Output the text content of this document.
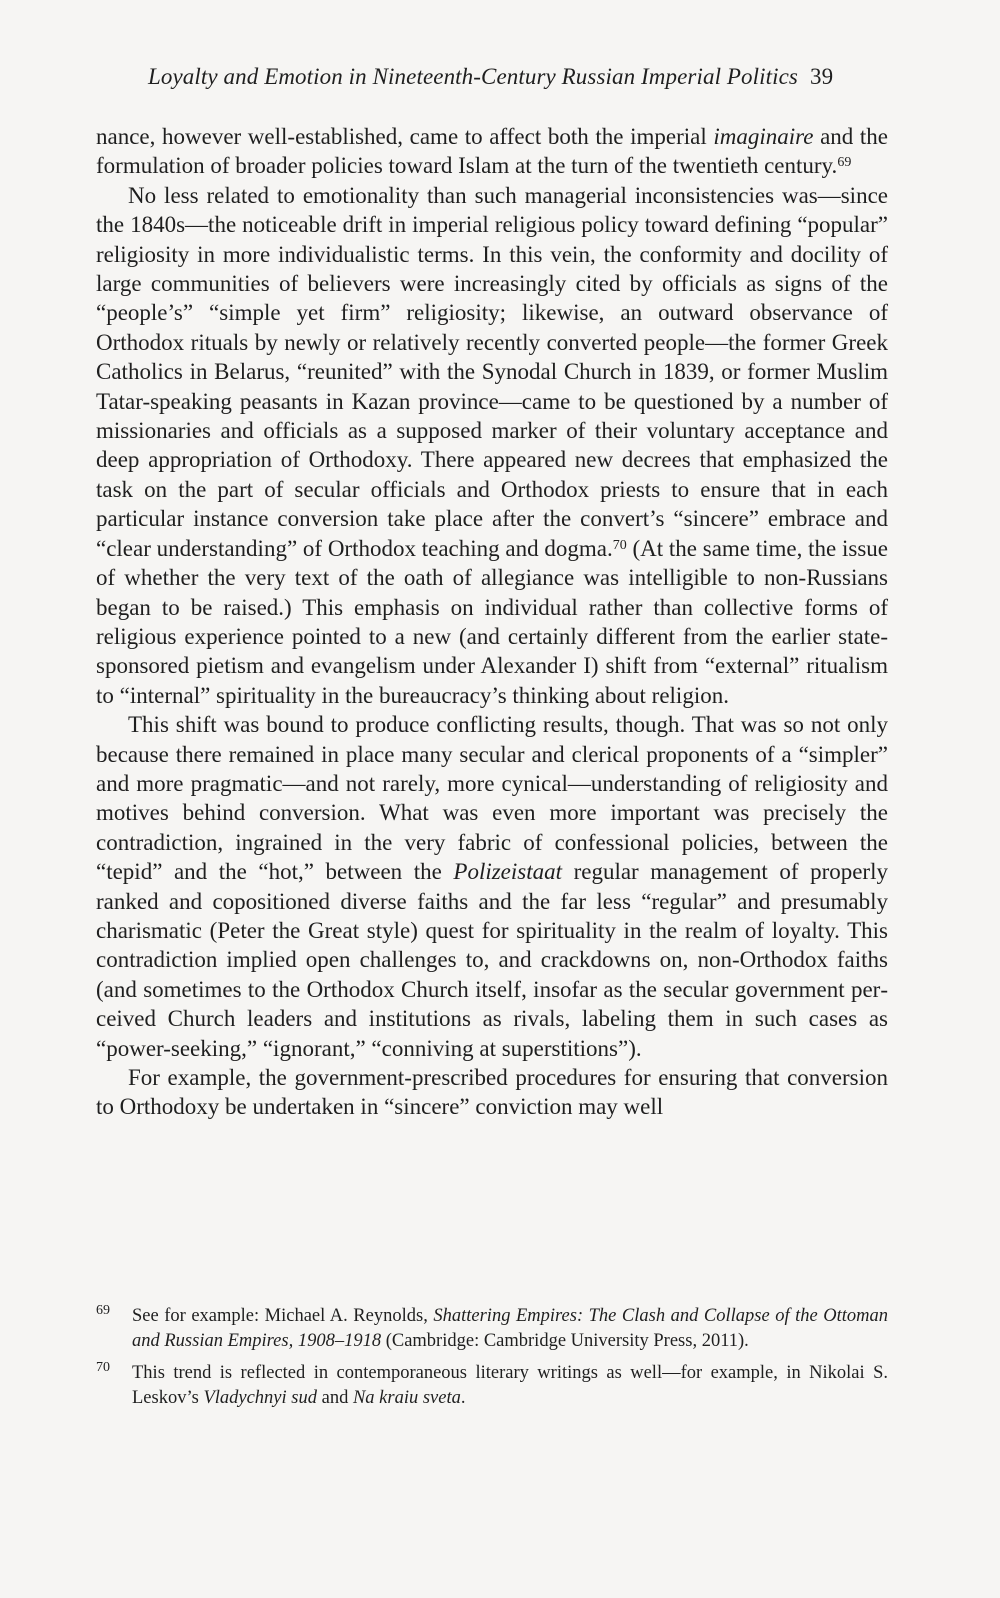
Loyalty and Emotion in Nineteenth-Century Russian Imperial Politics 39

nance, however well-established, came to affect both the imperial imaginaire and the formulation of broader policies toward Islam at the turn of the twentieth century.$^{69}$

No less related to emotionality than such managerial inconsistencies was—since the 1840s—the noticeable drift in imperial religious policy toward defining “popular” religiosity in more individualistic terms. In this vein, the conformity and docility of large communities of believers were increasingly cited by officials as signs of the “people’s” “simple yet firm” religiosity; likewise, an outward observance of Orthodox rituals by newly or relatively recently converted people—the former Greek Catholics in Belarus, “reunited” with the Synodal Church in 1839, or former Muslim Tatar-speaking peasants in Kazan province—came to be questioned by a number of missionaries and officials as a supposed marker of their voluntary acceptance and deep appropriation of Orthodoxy. There appeared new decrees that emphasized the task on the part of secular officials and Orthodox priests to ensure that in each particular instance conversion take place after the convert’s “sincere” embrace and “clear understanding” of Orthodox teaching and dogma.$^{70}$ (At the same time, the issue of whether the very text of the oath of allegiance was intelligible to non-Russians began to be raised.) This emphasis on individual rather than collective forms of religious experience pointed to a new (and certainly different from the earlier state-sponsored pietism and evangelism under Alexander I) shift from “external” ritualism to “internal” spirituality in the bureaucracy’s thinking about religion.

This shift was bound to produce conflicting results, though. That was so not only because there remained in place many secular and clerical proponents of a “simpler” and more pragmatic—and not rarely, more cynical—understanding of religiosity and motives behind conversion. What was even more important was precisely the contradiction, ingrained in the very fabric of confessional policies, between the “tepid” and the “hot,” between the Polizeistaat regular management of properly ranked and copositioned diverse faiths and the far less “regular” and presumably charismatic (Peter the Great style) quest for spirituality in the realm of loyalty. This contradiction implied open challenges to, and crackdowns on, non-Orthodox faiths (and sometimes to the Orthodox Church itself, insofar as the secular government perceived Church leaders and institutions as rivals, labeling them in such cases as “power-seeking,” “ignorant,” “conniving at superstitions”).

For example, the government-prescribed procedures for ensuring that conversion to Orthodoxy be undertaken in “sincere” conviction may well

69 See for example: Michael A. Reynolds, Shattering Empires: The Clash and Collapse of the Ottoman and Russian Empires, 1908–1918 (Cambridge: Cambridge University Press, 2011).
70 This trend is reflected in contemporaneous literary writings as well—for example, in Nikolai S. Leskov’s Vladychnyi sud and Na kraiu sveta.
